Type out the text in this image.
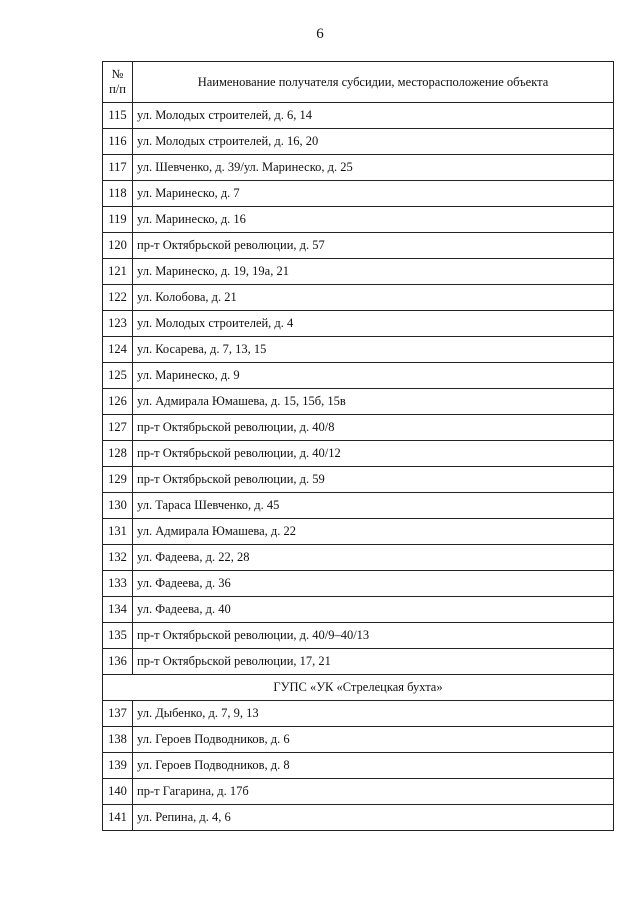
6
№
п/п	Наименование получателя субсидии, месторасположение объекта
115	ул. Молодых строителей, д. 6, 14
116	ул. Молодых строителей, д. 16, 20
117	ул. Шевченко, д. 39/ул. Маринеско, д. 25
118	ул. Маринеско, д. 7
119	ул. Маринеско, д. 16
120	пр-т Октябрьской революции, д. 57
121	ул. Маринеско, д. 19, 19а, 21
122	ул. Колобова, д. 21
123	ул. Молодых строителей, д. 4
124	ул. Косарева, д. 7, 13, 15
125	ул. Маринеско, д. 9
126	ул. Адмирала Юмашева, д. 15, 15б, 15в
127	пр-т Октябрьской революции, д. 40/8
128	пр-т Октябрьской революции, д. 40/12
129	пр-т Октябрьской революции, д. 59
130	ул. Тараса Шевченко, д. 45
131	ул. Адмирала Юмашева, д. 22
132	ул. Фадеева, д. 22, 28
133	ул. Фадеева, д. 36
134	ул. Фадеева, д. 40
135	пр-т Октябрьской революции, д. 40/9–40/13
136	пр-т Октябрьской революции, 17, 21
ГУПС «УК «Стрелецкая бухта»	
137	ул. Дыбенко, д. 7, 9, 13
138	ул. Героев Подводников, д. 6
139	ул. Героев Подводников, д. 8
140	пр-т Гагарина, д. 17б
141	ул. Репина, д. 4, 6
